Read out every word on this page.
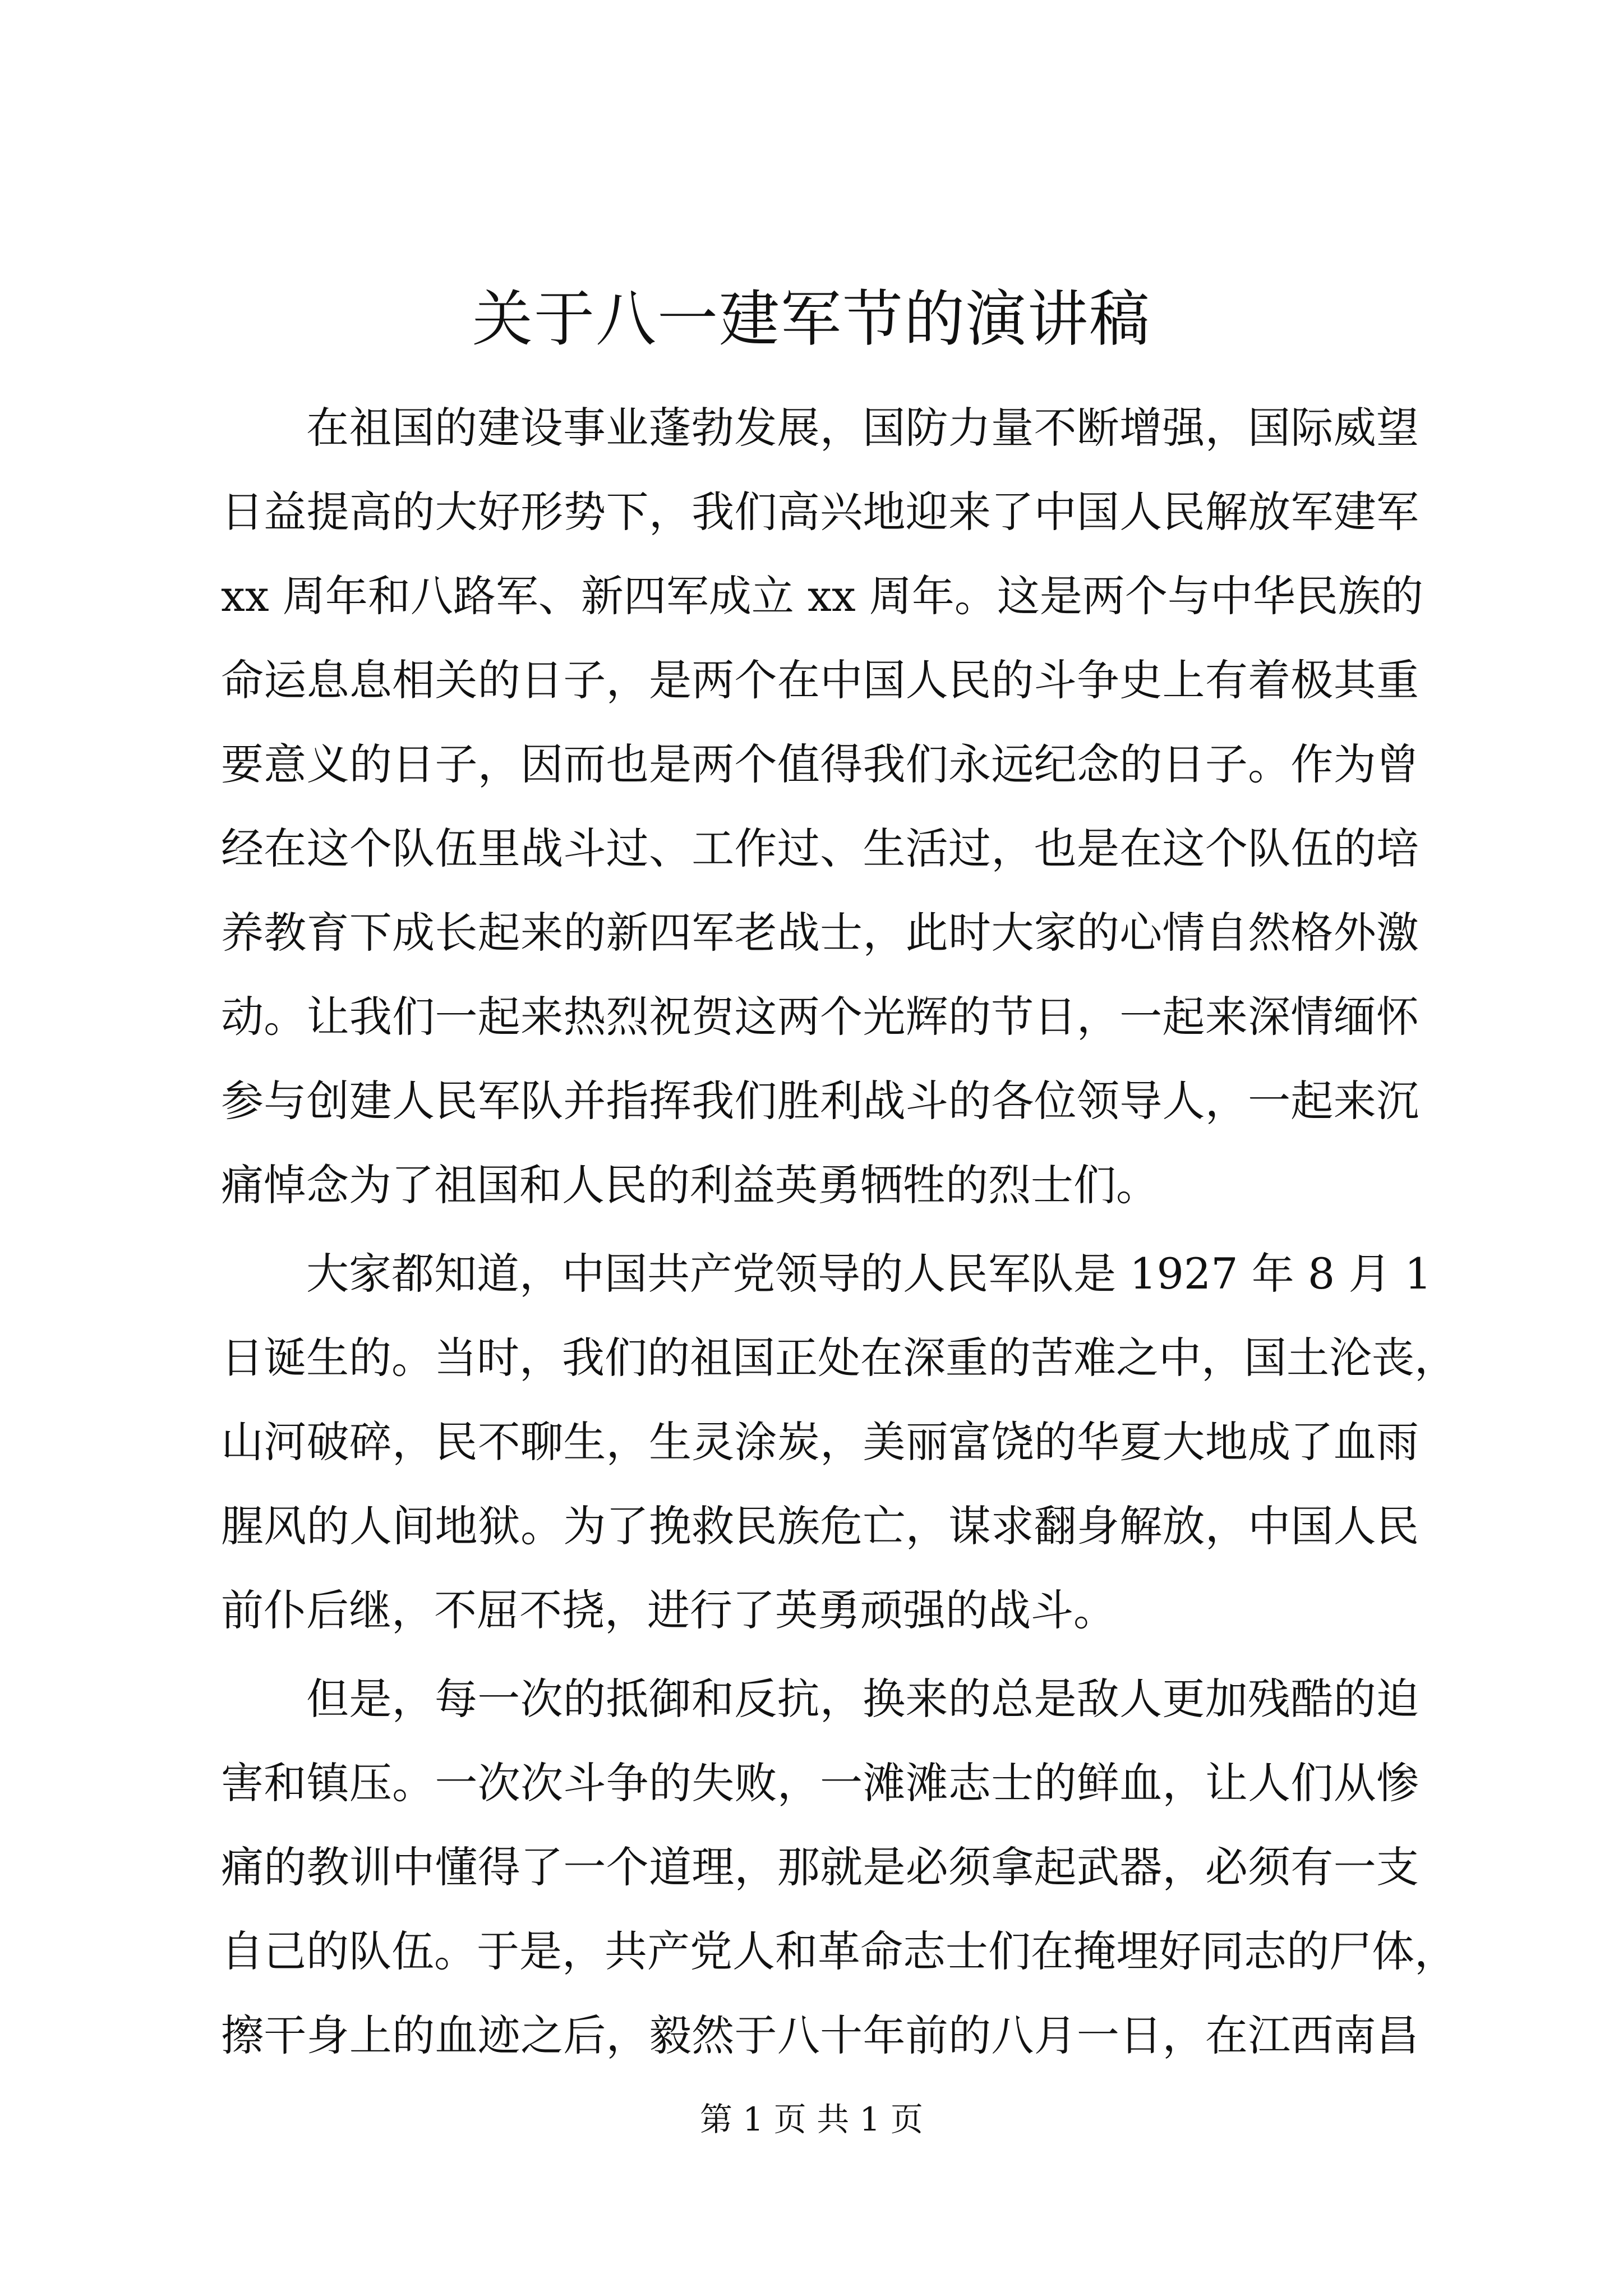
关于八一建军节的演讲稿
在祖国的建设事业蓬勃发展，国防力量不断增强，国际威望
日益提高的大好形势下，我们高兴地迎来了中国人民解放军建军
xx 周年和八路军、新四军成立 xx 周年。这是两个与中华民族的
命运息息相关的日子，是两个在中国人民的斗争史上有着极其重
要意义的日子，因而也是两个值得我们永远纪念的日子。作为曾
经在这个队伍里战斗过、工作过、生活过，也是在这个队伍的培
养教育下成长起来的新四军老战士，此时大家的心情自然格外激
动。让我们一起来热烈祝贺这两个光辉的节日，一起来深情缅怀
参与创建人民军队并指挥我们胜利战斗的各位领导人，一起来沉
痛悼念为了祖国和人民的利益英勇牺牲的烈士们。
大家都知道，中国共产党领导的人民军队是 1927 年 8 月 1
日诞生的。当时，我们的祖国正处在深重的苦难之中，国土沦丧，
山河破碎，民不聊生，生灵涂炭，美丽富饶的华夏大地成了血雨
腥风的人间地狱。为了挽救民族危亡，谋求翻身解放，中国人民
前仆后继，不屈不挠，进行了英勇顽强的战斗。
但是，每一次的抵御和反抗，换来的总是敌人更加残酷的迫
害和镇压。一次次斗争的失败，一滩滩志士的鲜血，让人们从惨
痛的教训中懂得了一个道理，那就是必须拿起武器，必须有一支
自己的队伍。于是，共产党人和革命志士们在掩埋好同志的尸体，
擦干身上的血迹之后，毅然于八十年前的八月一日，在江西南昌
第 1 页 共 1 页
